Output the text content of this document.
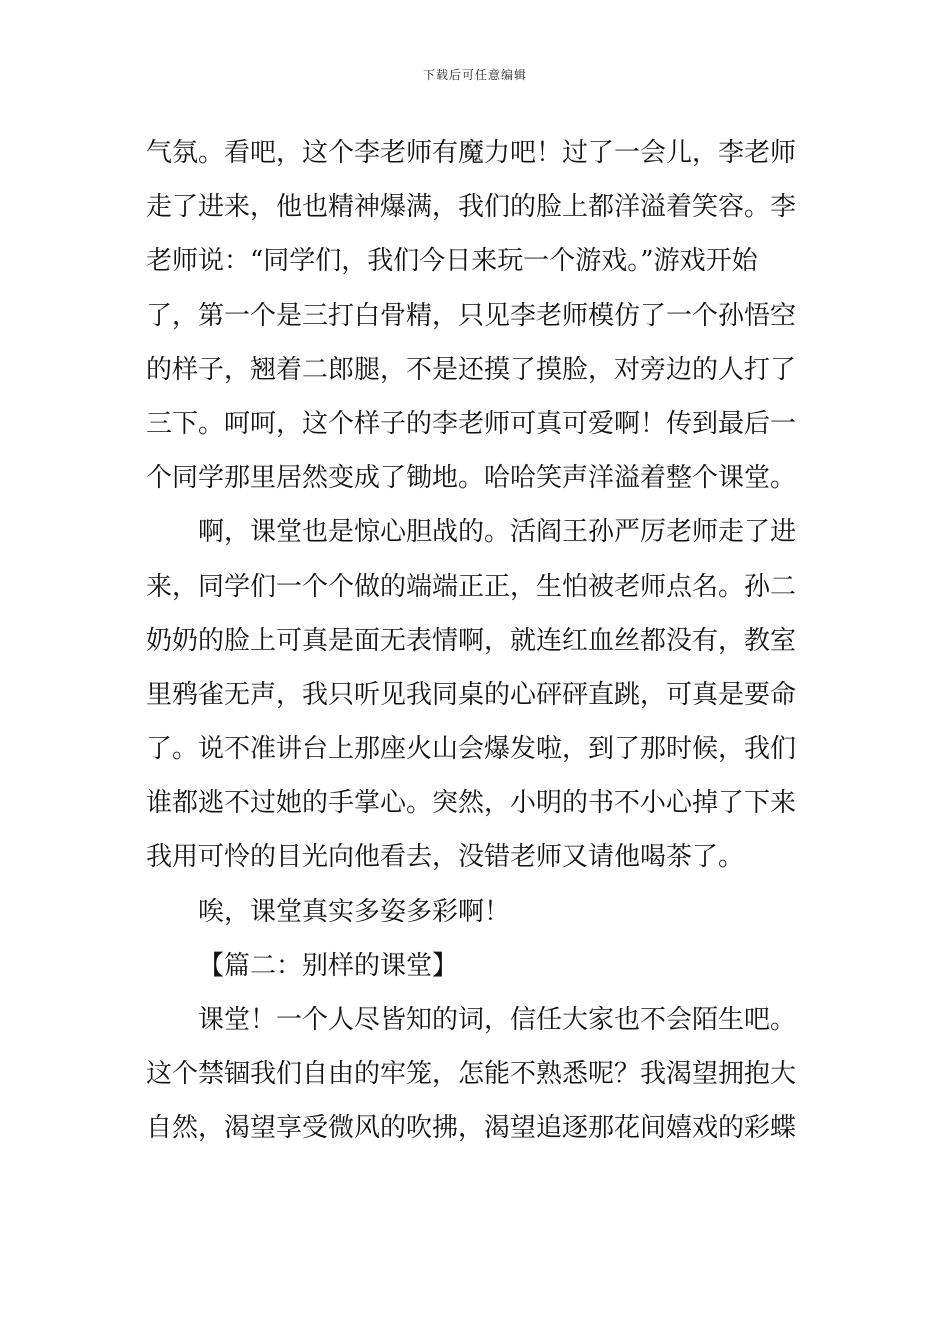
下载后可任意编辑
气氛。看吧，这个李老师有魔力吧！过了一会儿，李老师
走了进来，他也精神爆满，我们的脸上都洋溢着笑容。李
老师说：“同学们，我们今日来玩一个游戏。”游戏开始
了，第一个是三打白骨精，只见李老师模仿了一个孙悟空
的样子，翘着二郎腿，不是还摸了摸脸，对旁边的人打了
三下。呵呵，这个样子的李老师可真可爱啊！传到最后一
个同学那里居然变成了锄地。哈哈笑声洋溢着整个课堂。
啊，课堂也是惊心胆战的。活阎王孙严厉老师走了进
来，同学们一个个做的端端正正，生怕被老师点名。孙二
奶奶的脸上可真是面无表情啊，就连红血丝都没有，教室
里鸦雀无声，我只听见我同桌的心砰砰直跳，可真是要命
了。说不准讲台上那座火山会爆发啦，到了那时候，我们
谁都逃不过她的手掌心。突然，小明的书不小心掉了下来
我用可怜的目光向他看去，没错老师又请他喝茶了。
唉，课堂真实多姿多彩啊！
【篇二：别样的课堂】
课堂！一个人尽皆知的词，信任大家也不会陌生吧。
这个禁锢我们自由的牢笼，怎能不熟悉呢？我渴望拥抱大
自然，渴望享受微风的吹拂，渴望追逐那花间嬉戏的彩蝶
